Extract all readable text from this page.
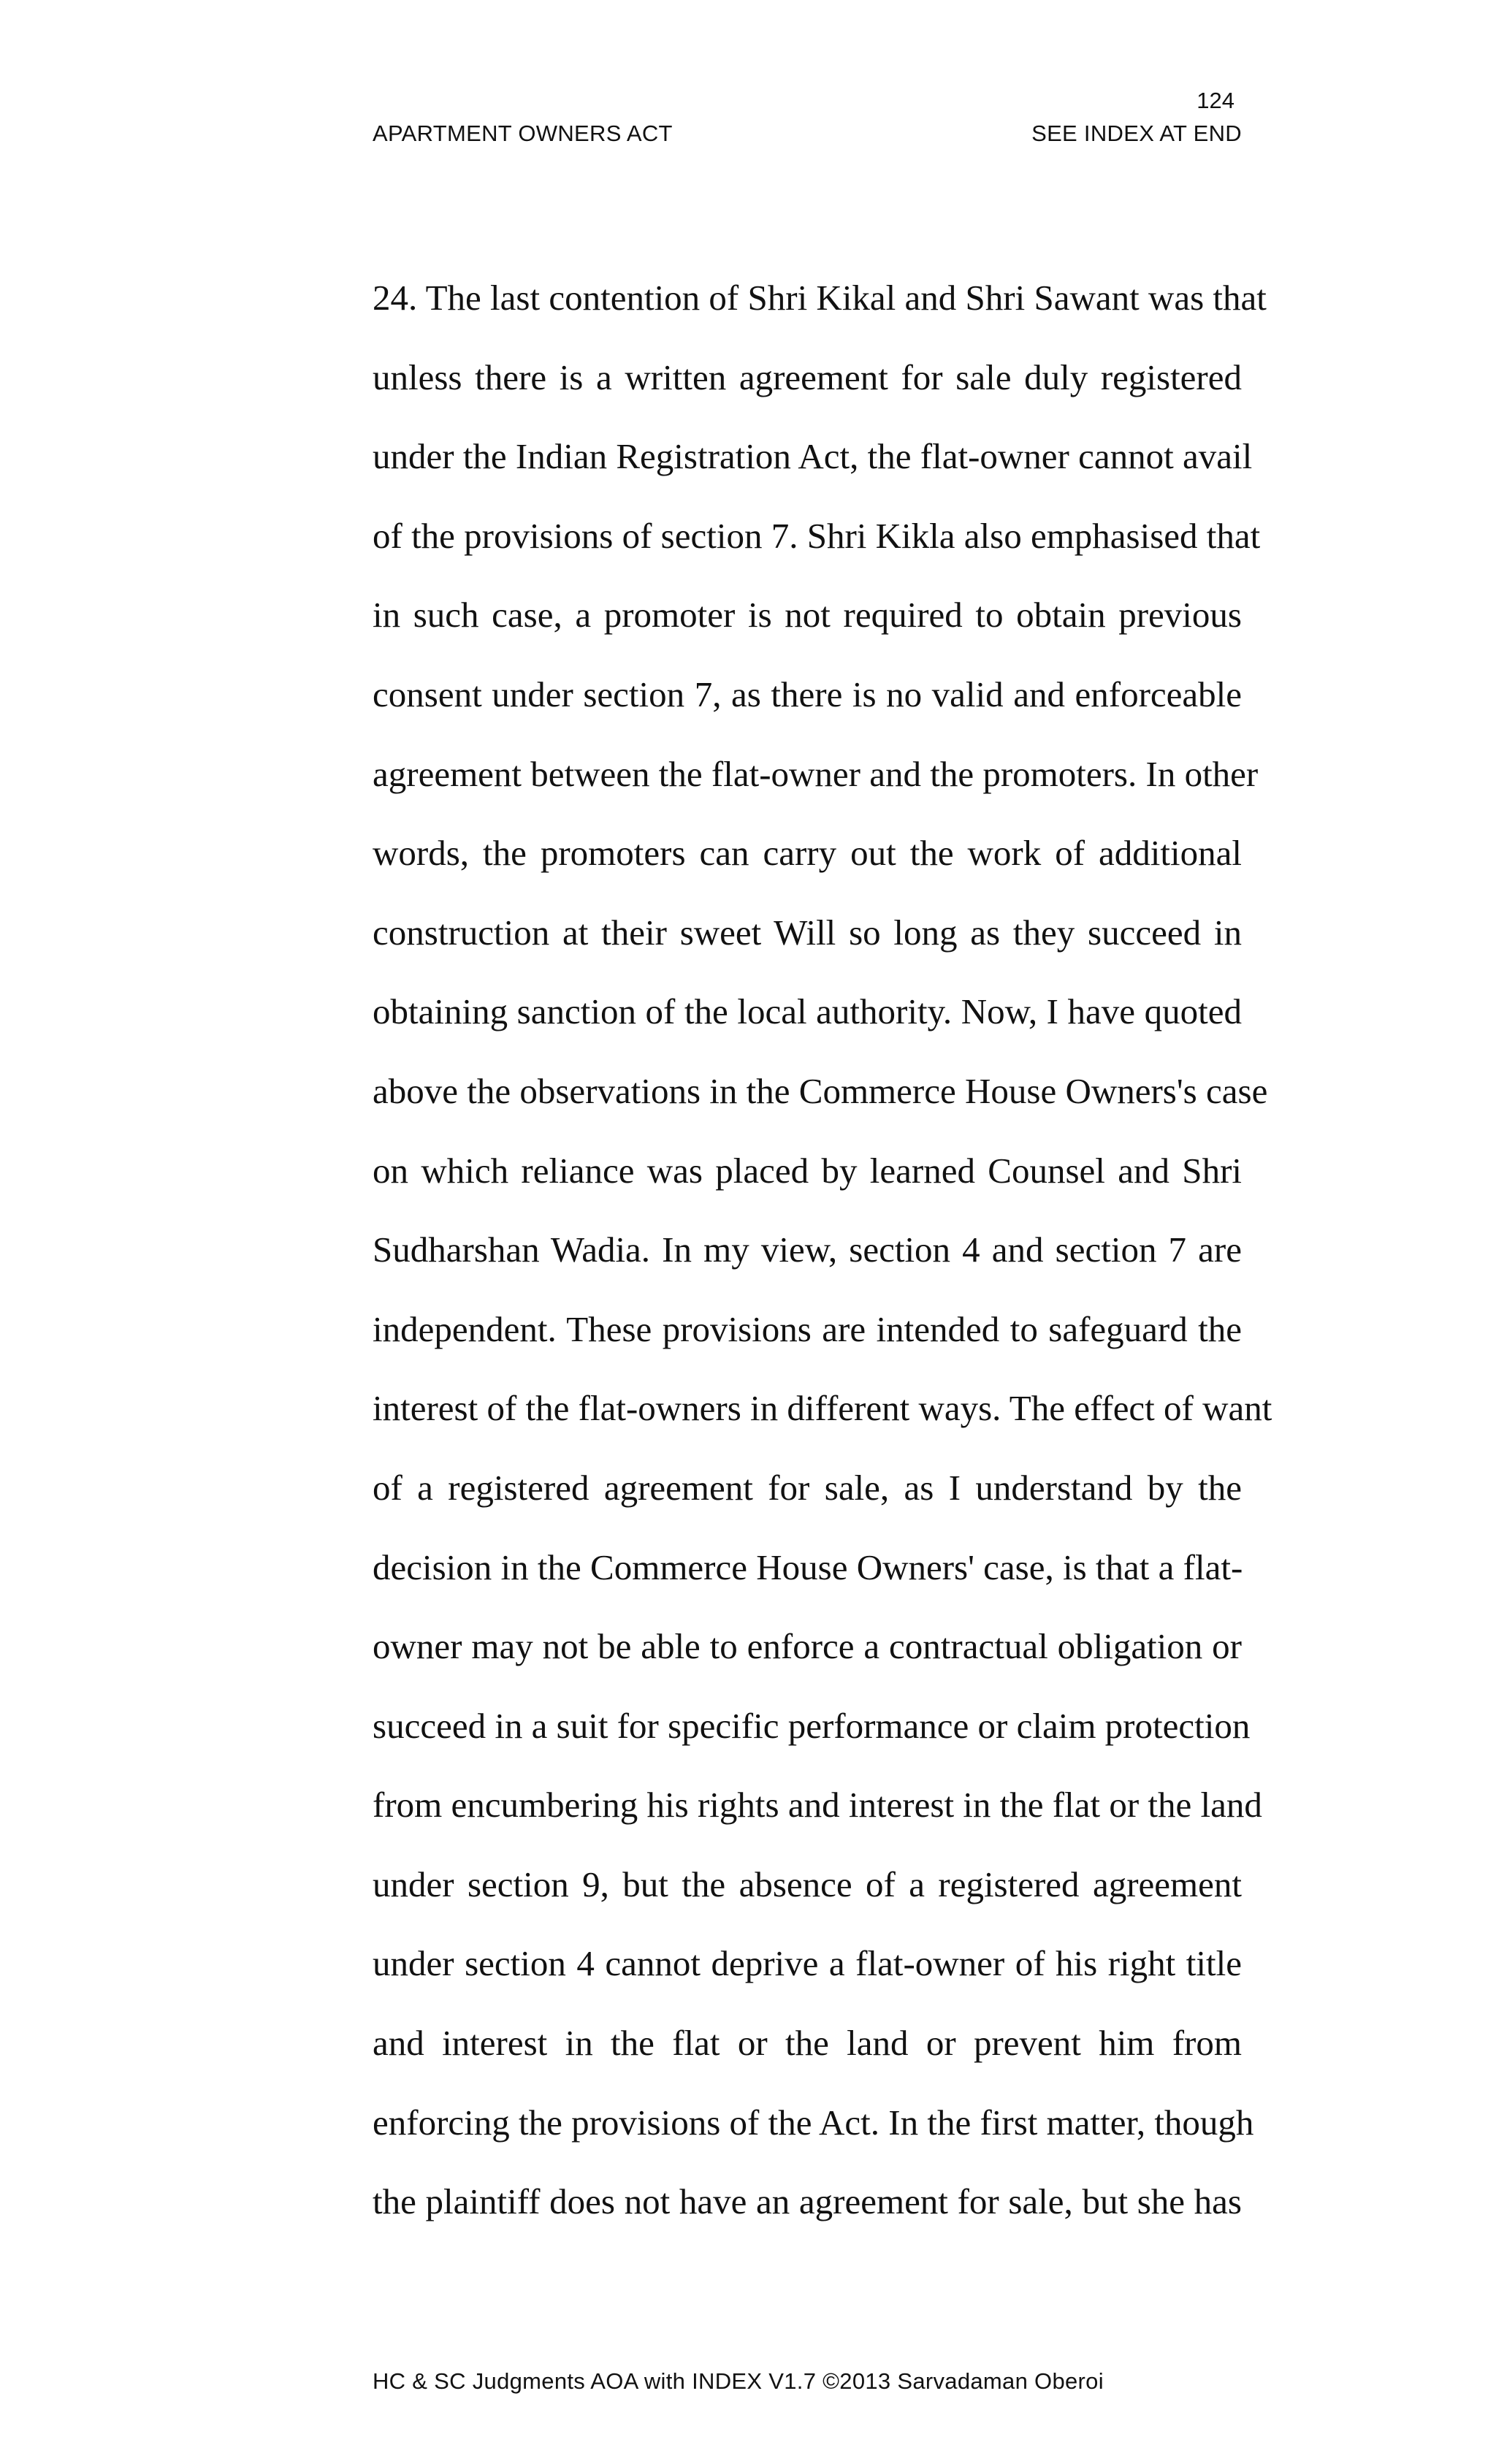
124
APARTMENT OWNERS ACT	SEE INDEX AT END
24. The last contention of Shri Kikal and Shri Sawant was that
unless there is a written agreement for sale duly registered
under the Indian Registration Act, the flat-owner cannot avail
of the provisions of section 7. Shri Kikla also emphasised that
in such case, a promoter is not required to obtain previous
consent under section 7, as there is no valid and enforceable
agreement between the flat-owner and the promoters. In other
words, the promoters can carry out the work of additional
construction at their sweet Will so long as they succeed in
obtaining sanction of the local authority. Now, I have quoted
above the observations in the Commerce House Owners's case
on which reliance was placed by learned Counsel and Shri
Sudharshan Wadia. In my view, section 4 and section 7 are
independent. These provisions are intended to safeguard the
interest of the flat-owners in different ways. The effect of want
of a registered agreement for sale, as I understand by the
decision in the Commerce House Owners' case, is that a flat-
owner may not be able to enforce a contractual obligation or
succeed in a suit for specific performance or claim protection
from encumbering his rights and interest in the flat or the land
under section 9, but the absence of a registered agreement
under section 4 cannot deprive a flat-owner of his right title
and interest in the flat or the land or prevent him from
enforcing the provisions of the Act. In the first matter, though
the plaintiff does not have an agreement for sale, but she has
HC & SC Judgments AOA with INDEX V1.7 ©2013 Sarvadaman Oberoi
